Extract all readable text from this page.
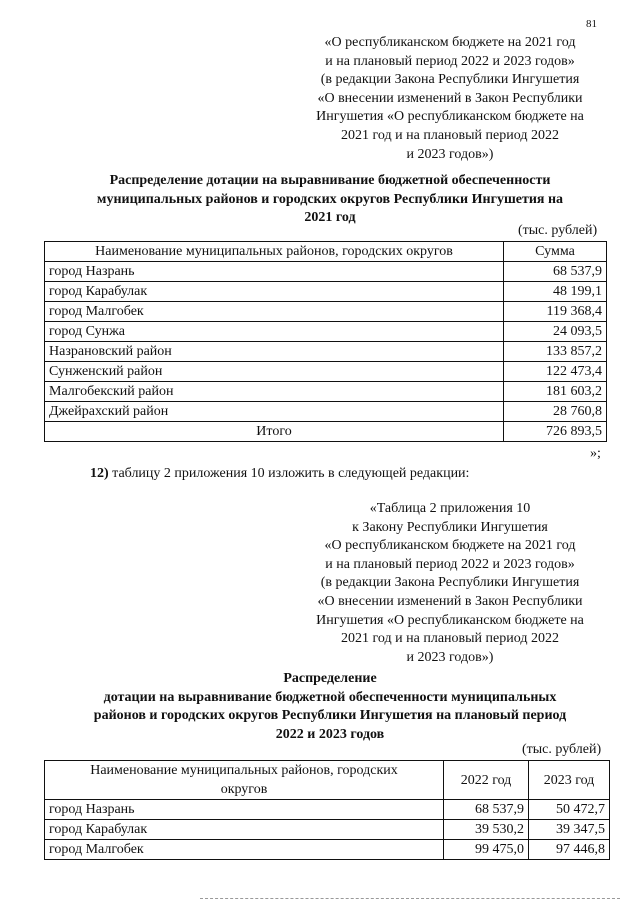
81
«О республиканском бюджете на 2021 год
и на плановый период 2022 и 2023 годов»
(в редакции Закона Республики Ингушетия
«О внесении изменений в Закон Республики
Ингушетия «О республиканском бюджете на
2021 год и на плановый период 2022
и 2023 годов»)
Распределение дотации на выравнивание бюджетной обеспеченности
муниципальных районов и городских округов Республики Ингушетия на
2021 год
(тыс. рублей)
Наименование муниципальных районов, городских округов	Сумма
город Назрань	68 537,9
город Карабулак	48 199,1
город Малгобек	119 368,4
город Сунжа	24 093,5
Назрановский район	133 857,2
Сунженский район	122 473,4
Малгобекский район	181 603,2
Джейрахский район	28 760,8
Итого	726 893,5
»;
12) таблицу 2 приложения 10 изложить в следующей редакции:
«Таблица 2 приложения 10
к Закону Республики Ингушетия
«О республиканском бюджете на 2021 год
и на плановый период 2022 и 2023 годов»
(в редакции Закона Республики Ингушетия
«О внесении изменений в Закон Республики
Ингушетия «О республиканском бюджете на
2021 год и на плановый период 2022
и 2023 годов»)
Распределение
дотации на выравнивание бюджетной обеспеченности муниципальных
районов и городских округов Республики Ингушетия на плановый период
2022 и 2023 годов
(тыс. рублей)
Наименование муниципальных районов, городских
округов	2022 год	2023 год
город Назрань	68 537,9	50 472,7
город Карабулак	39 530,2	39 347,5
город Малгобек	99 475,0	97 446,8
